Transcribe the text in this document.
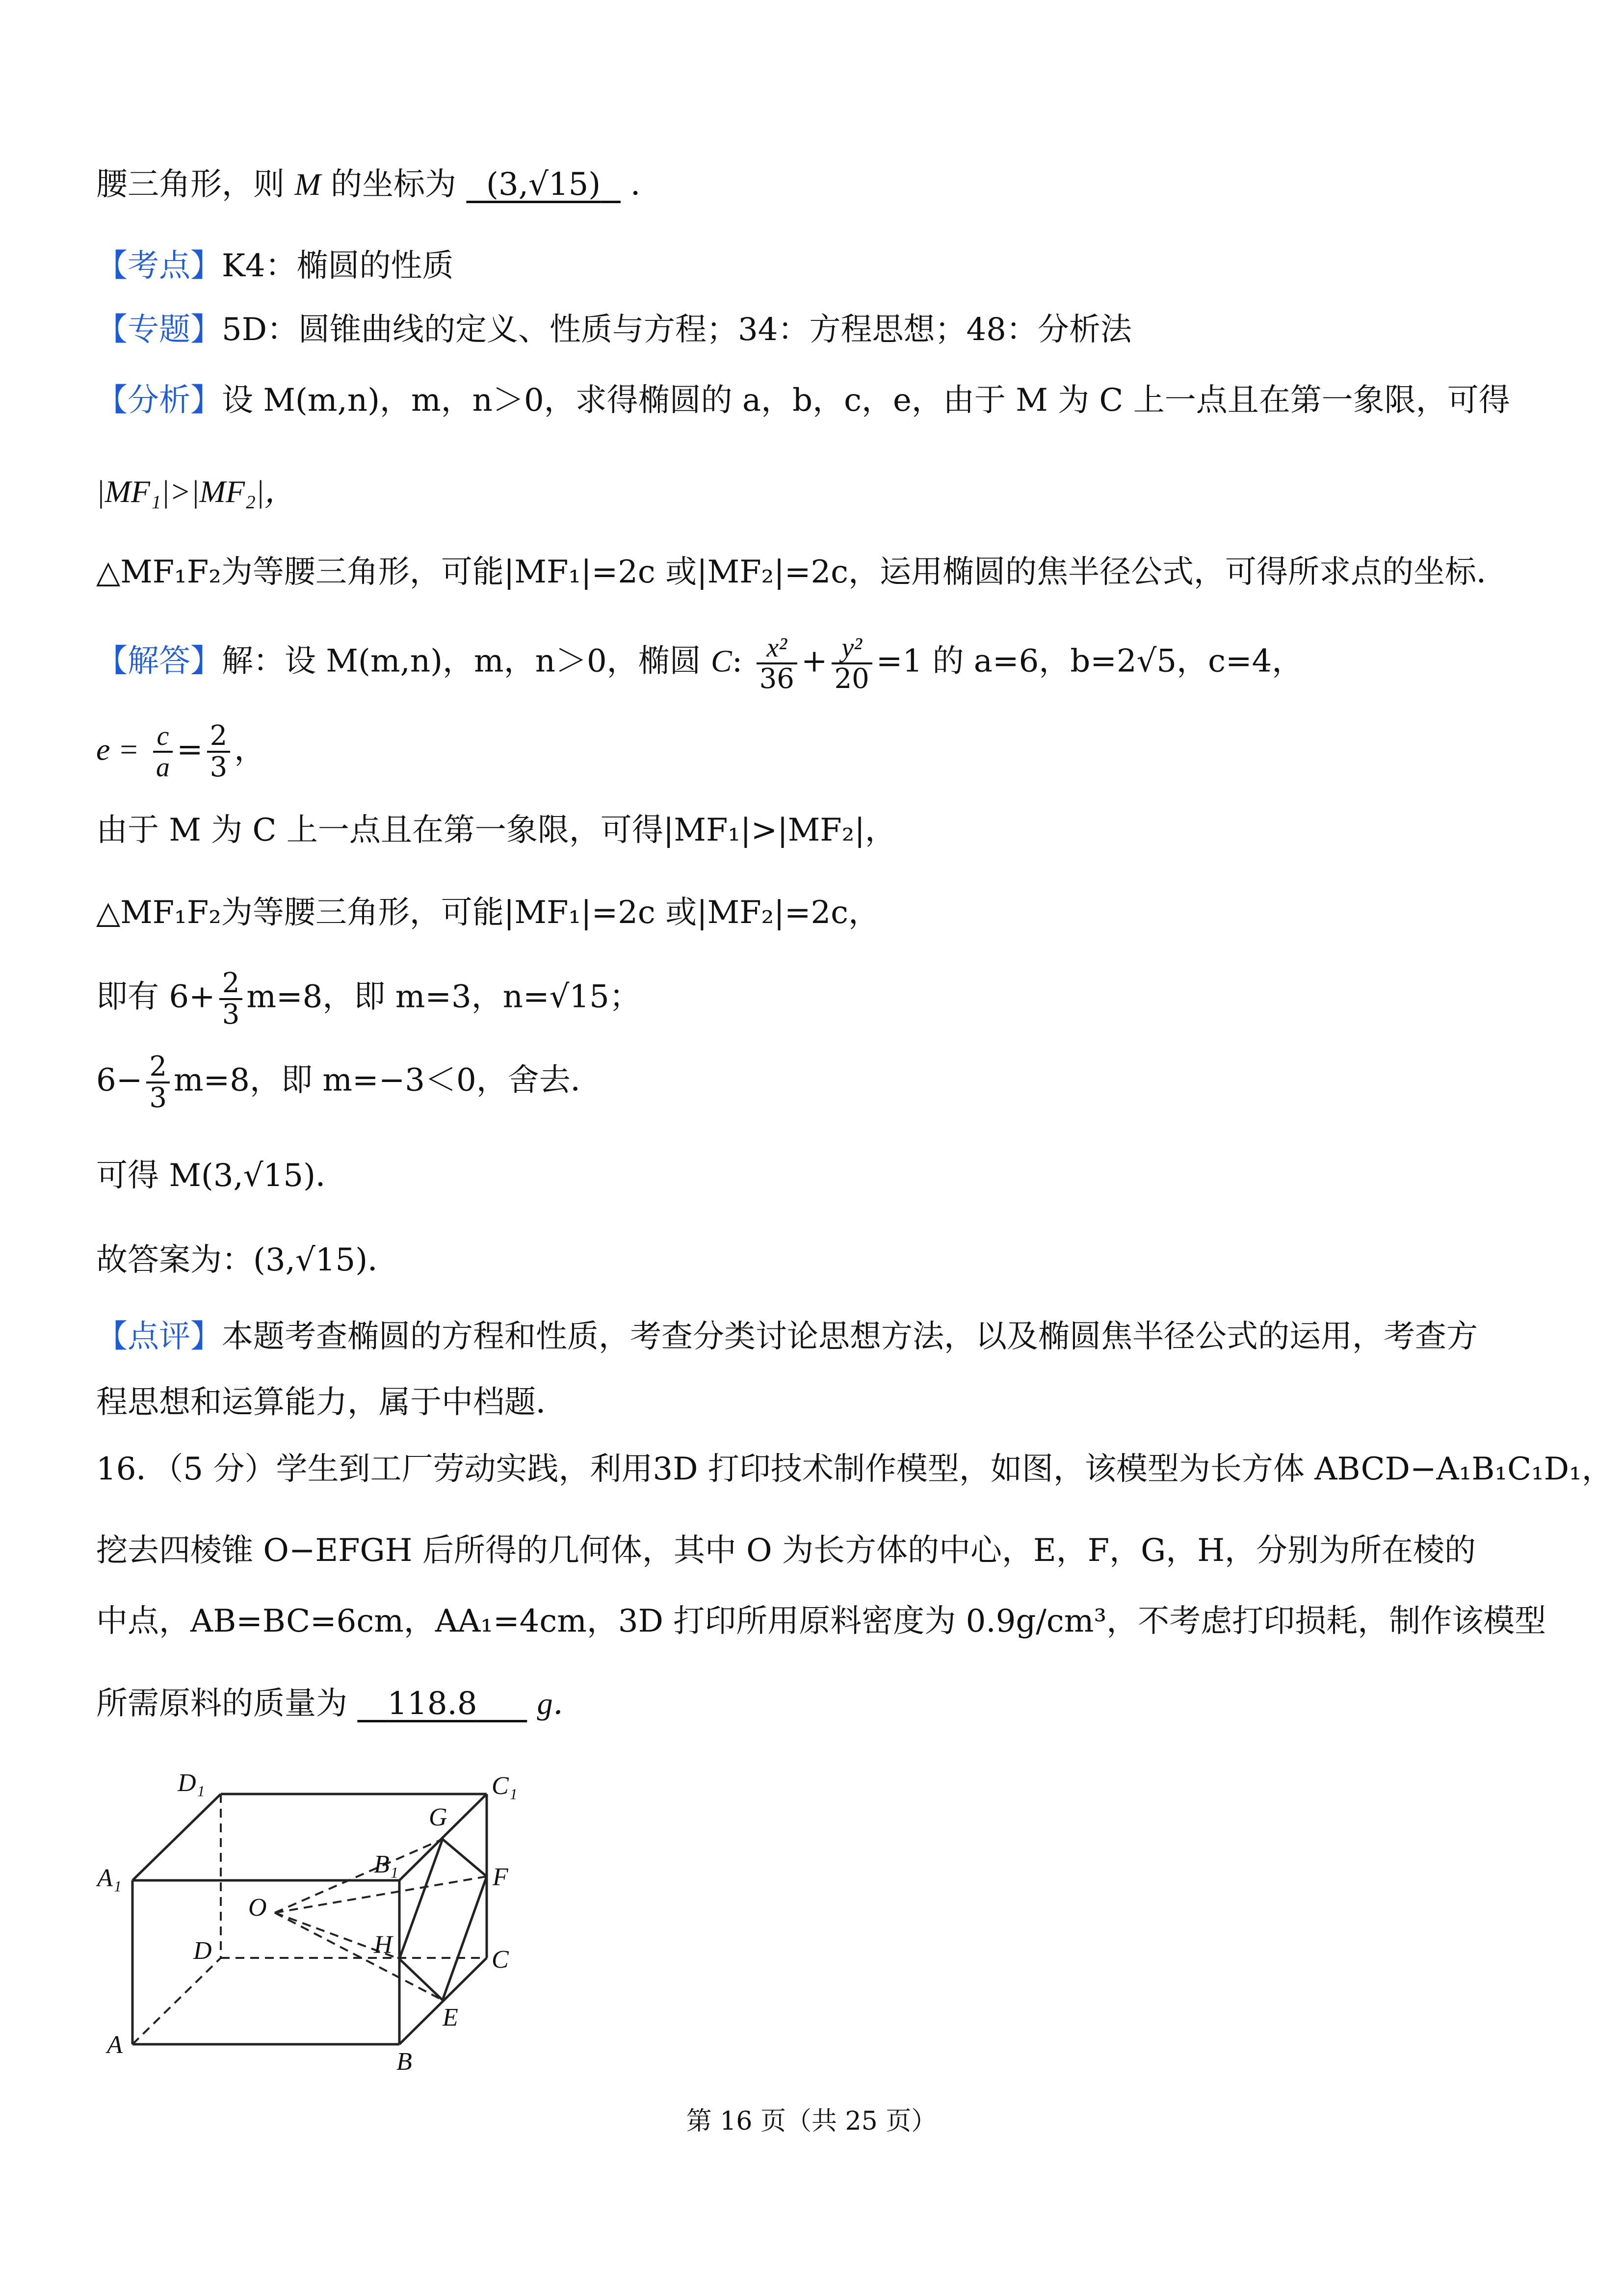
腰三角形，则 M 的坐标为 (3,√15) ．
【考点】K4：椭圆的性质
【专题】5D：圆锥曲线的定义、性质与方程；34：方程思想；48：分析法
【分析】设 M(m,n)，m，n＞0，求得椭圆的 a，b，c，e，由于 M 为 C 上一点且在第一象限，可得
|MF₁|>|MF₂|，
△MF₁F₂为等腰三角形，可能|MF₁|=2c 或|MF₂|=2c，运用椭圆的焦半径公式，可得所求点的坐标．
【解答】解：设 M(m,n)，m，n＞0，椭圆 C: $\frac{\text{x²}}{36} + \frac{\text{y²}}{20} =1$ 的 a=6，b=2√5，c=4，
$e = \frac{c}{a} = \frac{2}{3}$ ，
由于 M 为 C 上一点且在第一象限，可得|MF₁|>|MF₂|，
△MF₁F₂为等腰三角形，可能|MF₁|=2c 或|MF₂|=2c，
即有 $6+ \frac{2}{3} m=8$，即 m=3，n=√15；
$6- \frac{2}{3} m=8$，即 m=−3＜0，舍去．
可得 M(3,√15)．
故答案为：(3,√15)．
【点评】本题考查椭圆的方程和性质，考查分类讨论思想方法，以及椭圆焦半径公式的运用，考查方
程思想和运算能力，属于中档题．
16．（5 分）学生到工厂劳动实践，利用3D 打印技术制作模型，如图，该模型为长方体 ABCD−A₁B₁C₁D₁，
挖去四棱锥 O−EFGH 后所得的几何体，其中 O 为长方体的中心，E，F，G，H，分别为所在棱的
中点，AB=BC=6cm，AA₁=4cm，3D 打印所用原料密度为 0.9g/cm³，不考虑打印损耗，制作该模型
所需原料的质量为 118.8 g．
D₁	C₁
A₁	B₁
G
F
O
H
D	C
E
A
B
第 16 页（共 25 页）
